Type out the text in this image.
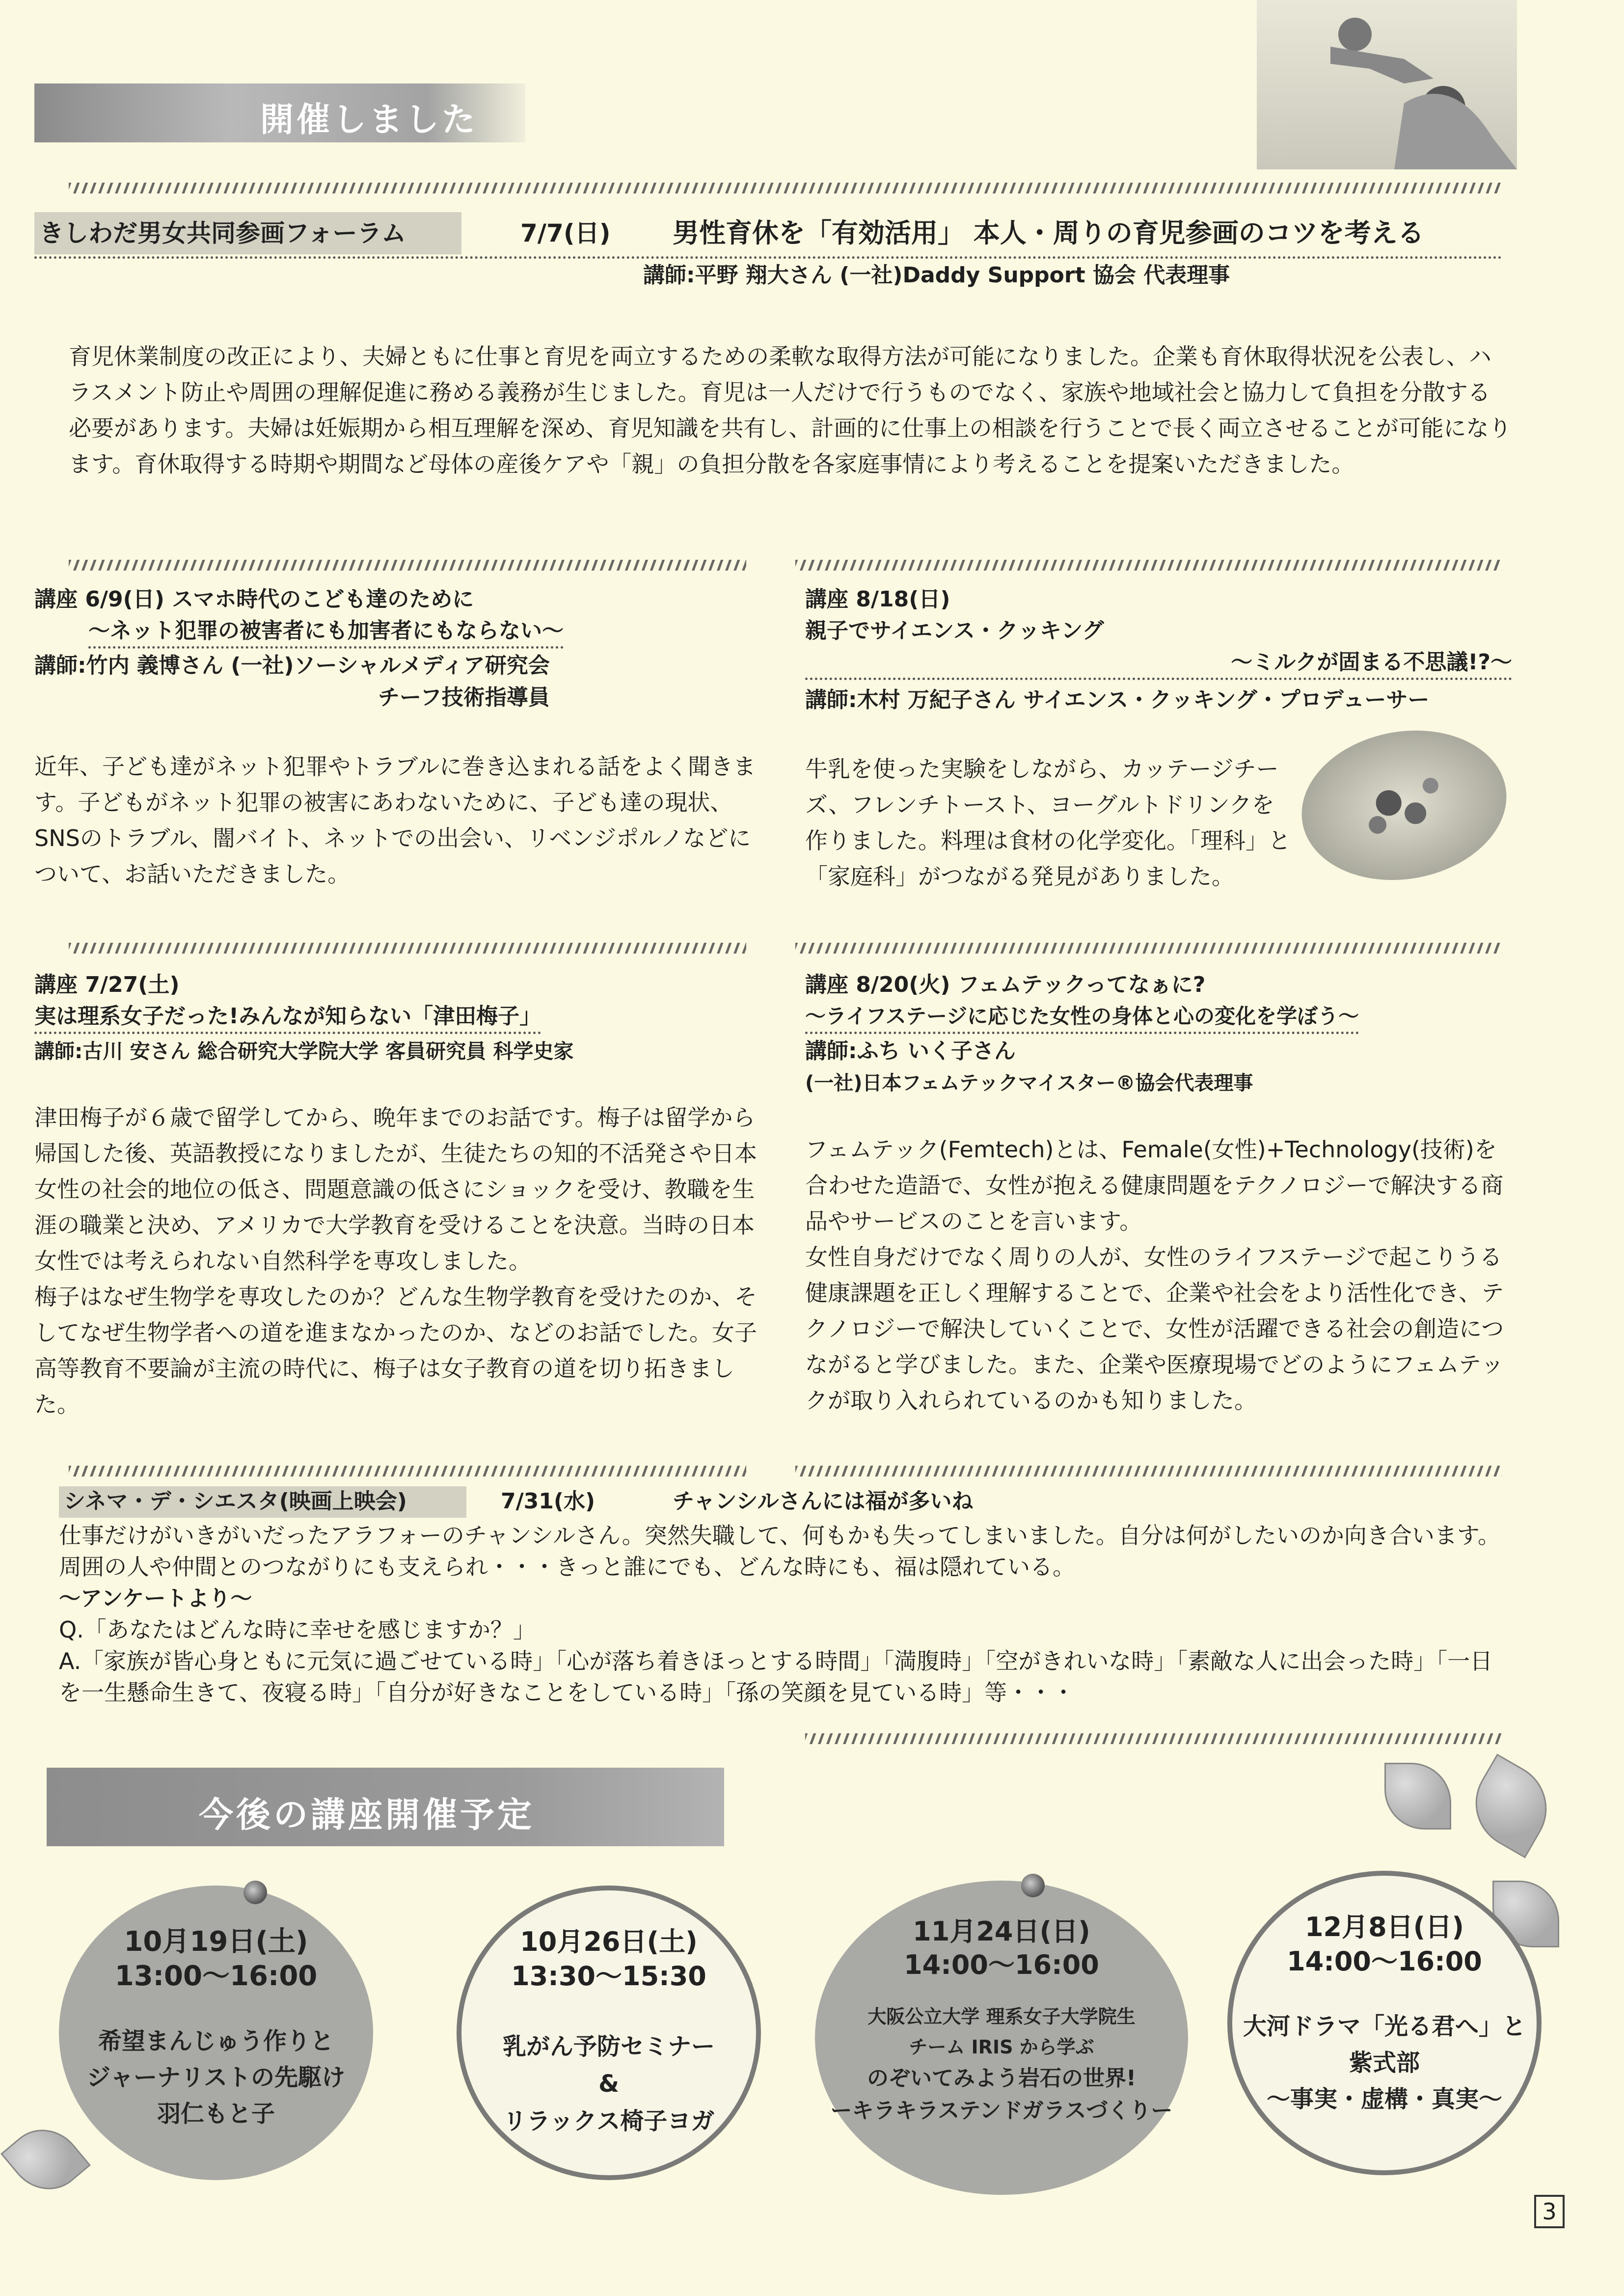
開催しました
きしわだ男女共同参画フォーラム	7/7(日) 男性育休を「有効活用」 本人・周りの育児参画のコツを考える
講師:平野 翔大さん (一社)Daddy Support 協会 代表理事
育児休業制度の改正により、夫婦ともに仕事と育児を両立するための柔軟な取得方法が可能になりました。企業も育休取得状況を公表し、ハラスメント防止や周囲の理解促進に務める義務が生じました。育児は一人だけで行うものでなく、家族や地域社会と協力して負担を分散する必要があります。夫婦は妊娠期から相互理解を深め、育児知識を共有し、計画的に仕事上の相談を行うことで長く両立させることが可能になります。育休取得する時期や期間など母体の産後ケアや「親」の負担分散を各家庭事情により考えることを提案いただきました。
講座 6/9(日) スマホ時代のこども達のために
～ネット犯罪の被害者にも加害者にもならない～
講師:竹内 義博さん (一社)ソーシャルメディア研究会
チーフ技術指導員
近年、子ども達がネット犯罪やトラブルに巻き込まれる話をよく聞きます。子どもがネット犯罪の被害にあわないために、子ども達の現状、SNSのトラブル、闇バイト、ネットでの出会い、リベンジポルノなどについて、お話いただきました。
講座 8/18(日)
親子でサイエンス・クッキング
～ミルクが固まる不思議!?～
講師:木村 万紀子さん サイエンス・クッキング・プロデューサー
牛乳を使った実験をしながら、カッテージチーズ、フレンチトースト、ヨーグルトドリンクを作りました。料理は食材の化学変化。「理科」と「家庭科」がつながる発見がありました。
講座 7/27(土)
実は理系女子だった!みんなが知らない「津田梅子」
講師:古川 安さん 総合研究大学院大学 客員研究員 科学史家

津田梅子が６歳で留学してから、晩年までのお話です。梅子は留学から帰国した後、英語教授になりましたが、生徒たちの知的不活発さや日本女性の社会的地位の低さ、問題意識の低さにショックを受け、教職を生涯の職業と決め、アメリカで大学教育を受けることを決意。当時の日本女性では考えられない自然科学を専攻しました。

梅子はなぜ生物学を専攻したのか？どんな生物学教育を受けたのか、そしてなぜ生物学者への道を進まなかったのか、などのお話でした。女子高等教育不要論が主流の時代に、梅子は女子教育の道を切り拓きました。

講座 8/20(火) フェムテックってなぁに?
～ライフステージに応じた女性の身体と心の変化を学ぼう～
講師:ふち いく子さん
(一社)日本フェムテックマイスター®協会代表理事

フェムテック(Femtech)とは、Female(女性)+Technology(技術)を合わせた造語で、女性が抱える健康問題をテクノロジーで解決する商品やサービスのことを言います。

女性自身だけでなく周りの人が、女性のライフステージで起こりうる健康課題を正しく理解することで、企業や社会をより活性化でき、テクノロジーで解決していくことで、女性が活躍できる社会の創造につながると学びました。また、企業や医療現場でどのようにフェムテックが取り入れられているのかも知りました。

シネマ・デ・シエスタ(映画上映会)	7/31(水)	チャンシルさんには福が多いね
仕事だけがいきがいだったアラフォーのチャンシルさん。突然失職して、何もかも失ってしまいました。自分は何がしたいのか向き合います。周囲の人や仲間とのつながりにも支えられ・・・きっと誰にでも、どんな時にも、福は隠れている。
～アンケートより～
Q.「あなたはどんな時に幸せを感じますか？」
A.「家族が皆心身ともに元気に過ごせている時」「心が落ち着きほっとする時間」「満腹時」「空がきれいな時」「素敵な人に出会った時」「一日を一生懸命生きて、夜寝る時」「自分が好きなことをしている時」「孫の笑顔を見ている時」等・・・
今後の講座開催予定
10月19日(土)
13:00～16:00
希望まんじゅう作りと
ジャーナリストの先駆け
羽仁もと子
10月26日(土)
13:30～15:30
乳がん予防セミナー
&
リラックス椅子ヨガ
11月24日(日)
14:00～16:00
大阪公立大学 理系女子大学院生
チーム IRIS から学ぶ
のぞいてみよう岩石の世界!
ーキラキラステンドガラスづくりー
12月8日(日)
14:00～16:00
大河ドラマ「光る君へ」と
紫式部
～事実・虚構・真実～
3
